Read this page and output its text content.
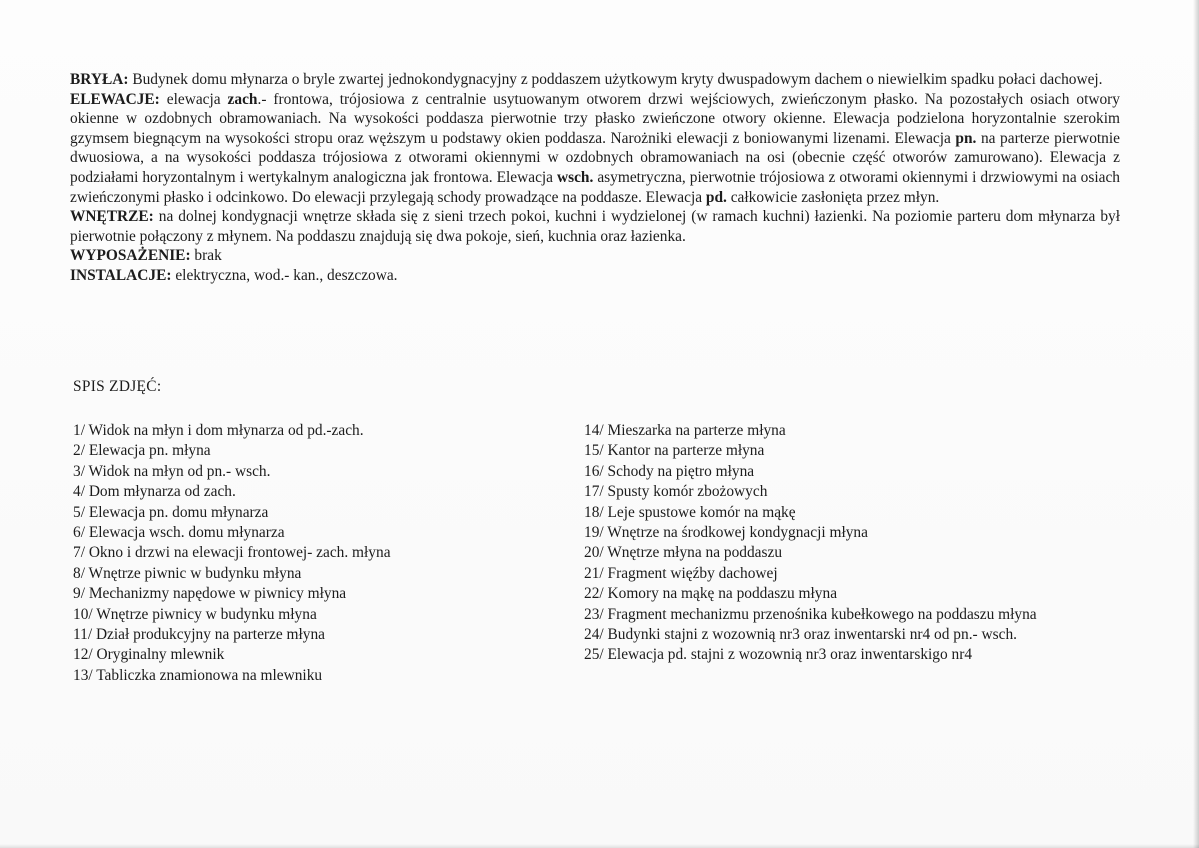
BRYŁA: Budynek domu młynarza o bryle zwartej jednokondygnacyjny z poddaszem użytkowym kryty dwuspadowym dachem o niewielkim spadku połaci dachowej.

ELEWACJE: elewacja zach.- frontowa, trójosiowa z centralnie usytuowanym otworem drzwi wejściowych, zwieńczonym płasko. Na pozostałych osiach otwory okienne w ozdobnych obramowaniach. Na wysokości poddasza pierwotnie trzy płasko zwieńczone otwory okienne. Elewacja podzielona horyzontalnie szerokim gzymsem biegnącym na wysokości stropu oraz węższym u podstawy okien poddasza. Narożniki elewacji z boniowanymi lizenami. Elewacja pn. na parterze pierwotnie dwuosiowa, a na wysokości poddasza trójosiowa z otworami okiennymi w ozdobnych obramowaniach na osi (obecnie część otworów zamurowano). Elewacja z podziałami horyzontalnym i wertykalnym analogiczna jak frontowa. Elewacja wsch. asymetryczna, pierwotnie trójosiowa z otworami okiennymi i drzwiowymi na osiach zwieńczonymi płasko i odcinkowo. Do elewacji przylegają schody prowadzące na poddasze. Elewacja pd. całkowicie zasłonięta przez młyn.

WNĘTRZE: na dolnej kondygnacji wnętrze składa się z sieni trzech pokoi, kuchni i wydzielonej (w ramach kuchni) łazienki. Na poziomie parteru dom młynarza był pierwotnie połączony z młynem. Na poddaszu znajdują się dwa pokoje, sień, kuchnia oraz łazienka.

WYPOSAŻENIE: brak

INSTALACJE: elektryczna, wod.- kan., deszczowa.

SPIS ZDJĘĆ:
1/ Widok na młyn i dom młynarza od pd.-zach.
2/ Elewacja pn. młyna
3/ Widok na młyn od pn.- wsch.
4/ Dom młynarza od zach.
5/ Elewacja pn. domu młynarza
6/ Elewacja wsch. domu młynarza
7/ Okno i drzwi na elewacji frontowej- zach. młyna
8/ Wnętrze piwnic w budynku młyna
9/ Mechanizmy napędowe w piwnicy młyna
10/ Wnętrze piwnicy w budynku młyna
11/ Dział produkcyjny na parterze młyna
12/ Oryginalny mlewnik
13/ Tabliczka znamionowa na mlewniku
14/ Mieszarka na parterze młyna
15/ Kantor na parterze młyna
16/ Schody na piętro młyna
17/ Spusty komór zbożowych
18/ Leje spustowe komór na mąkę
19/ Wnętrze na środkowej kondygnacji młyna
20/ Wnętrze młyna na poddaszu
21/ Fragment więźby dachowej
22/ Komory na mąkę na poddaszu młyna
23/ Fragment mechanizmu przenośnika kubełkowego na poddaszu młyna
24/ Budynki stajni z wozownią nr3 oraz inwentarski nr4 od pn.- wsch.
25/ Elewacja pd. stajni z wozownią nr3 oraz inwentarskigo nr4
